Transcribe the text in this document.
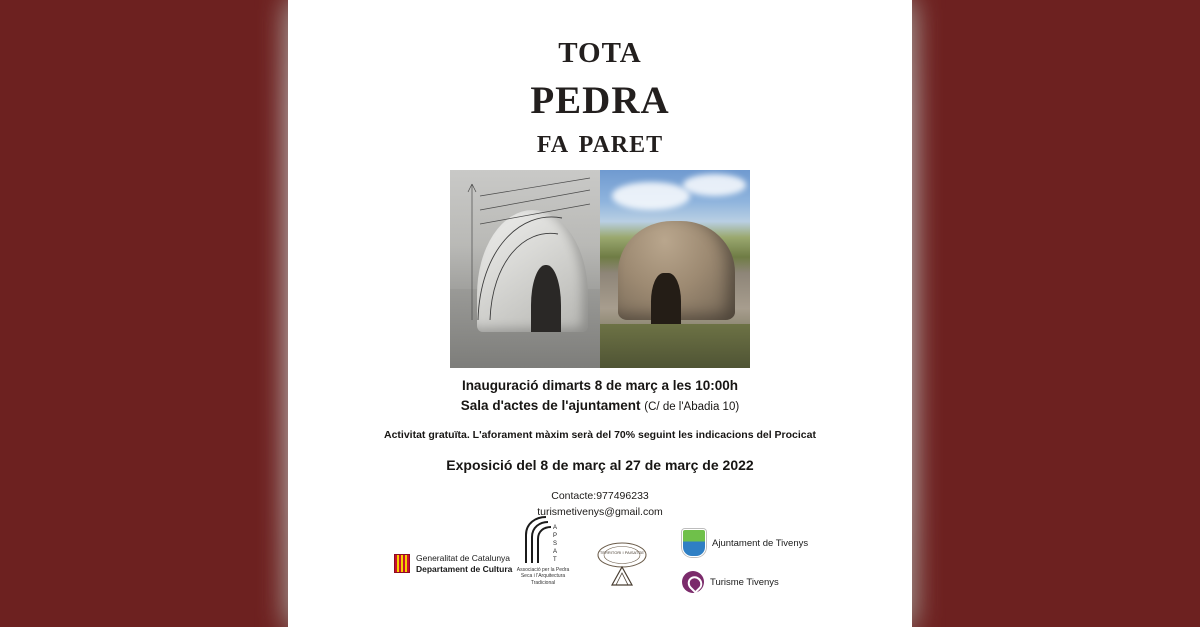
tota
pedra
fa paret
Inauguració dimarts 8 de març a les 10:00h
Sala d'actes de l'ajuntament (C/ de l'Abadia 10)
Activitat gratuïta. L'aforament màxim serà del 70% seguint les indicacions del Procicat
Exposició del 8 de març al 27 de març de 2022
Contacte:977496233
turismetivenys@gmail.com
Generalitat de Catalunya
Departament de Cultura
A
P
S
A
T
Associació per la Pedra Seca i l'Arquitectura Tradicional
TERRITORI I PAISATGE
Ajuntament de Tivenys
Turisme Tivenys
